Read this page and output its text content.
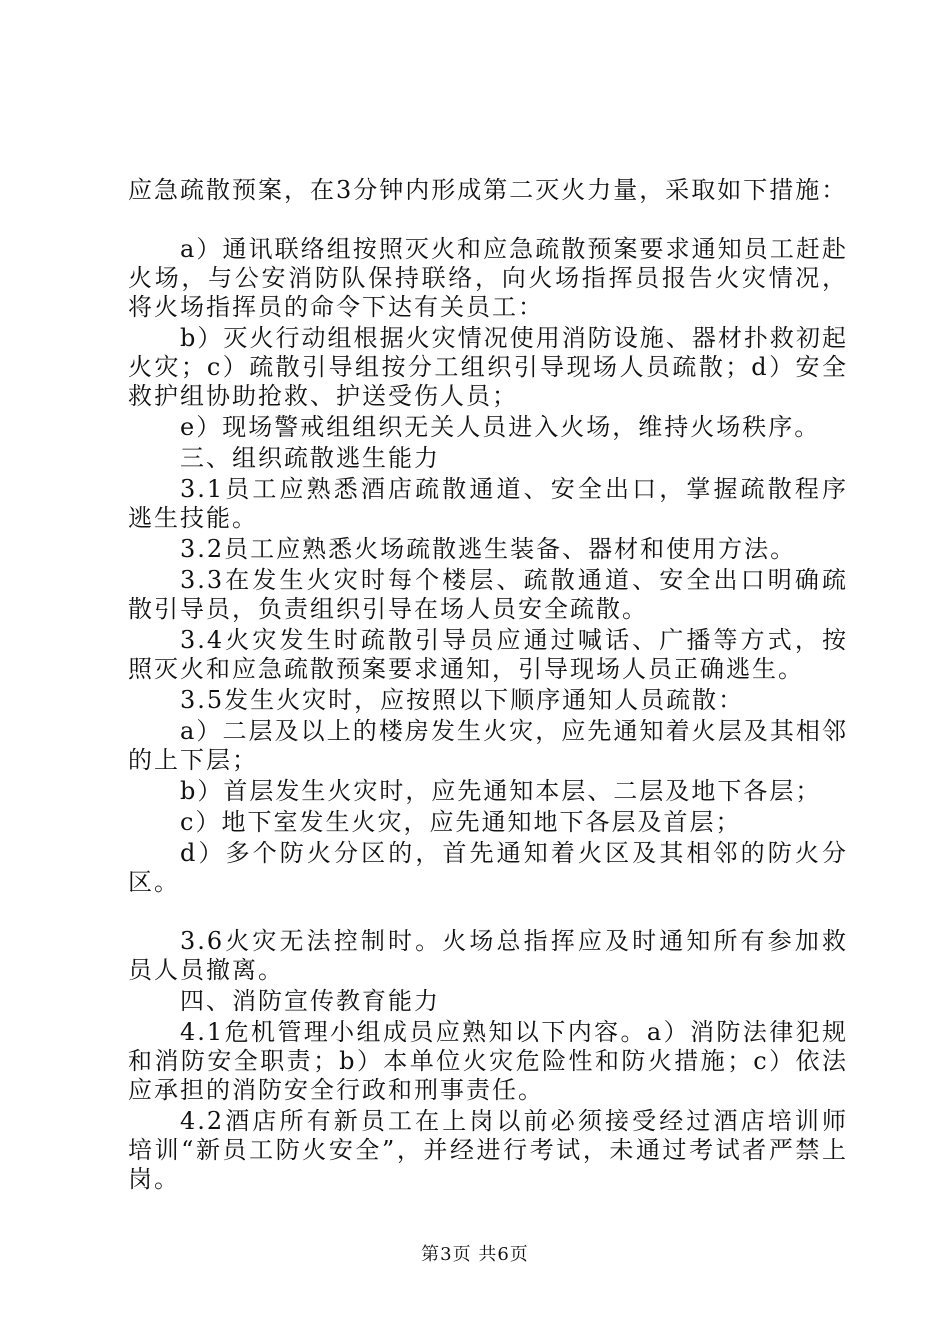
应急疏散预案，在3分钟内形成第二灭火力量，采取如下措施：

a）通讯联络组按照灭火和应急疏散预案要求通知员工赶赴火场，与公安消防队保持联络，向火场指挥员报告火灾情况，将火场指挥员的命令下达有关员工：

b）灭火行动组根据火灾情况使用消防设施、器材扑救初起火灾；c）疏散引导组按分工组织引导现场人员疏散；d）安全救护组协助抢救、护送受伤人员；

e）现场警戒组组织无关人员进入火场，维持火场秩序。

三、组织疏散逃生能力

3.1员工应熟悉酒店疏散通道、安全出口，掌握疏散程序逃生技能。

3.2员工应熟悉火场疏散逃生装备、器材和使用方法。

3.3在发生火灾时每个楼层、疏散通道、安全出口明确疏散引导员，负责组织引导在场人员安全疏散。

3.4火灾发生时疏散引导员应通过喊话、广播等方式，按照灭火和应急疏散预案要求通知，引导现场人员正确逃生。

3.5发生火灾时，应按照以下顺序通知人员疏散：

a）二层及以上的楼房发生火灾，应先通知着火层及其相邻的上下层；

b）首层发生火灾时，应先通知本层、二层及地下各层；

c）地下室发生火灾，应先通知地下各层及首层；

d）多个防火分区的，首先通知着火区及其相邻的防火分区。

3.6火灾无法控制时。火场总指挥应及时通知所有参加救员人员撤离。

四、消防宣传教育能力

4.1危机管理小组成员应熟知以下内容。a）消防法律犯规和消防安全职责；b）本单位火灾危险性和防火措施；c）依法应承担的消防安全行政和刑事责任。

4.2酒店所有新员工在上岗以前必须接受经过酒店培训师培训“新员工防火安全”，并经进行考试，未通过考试者严禁上岗。

第3页 共6页
